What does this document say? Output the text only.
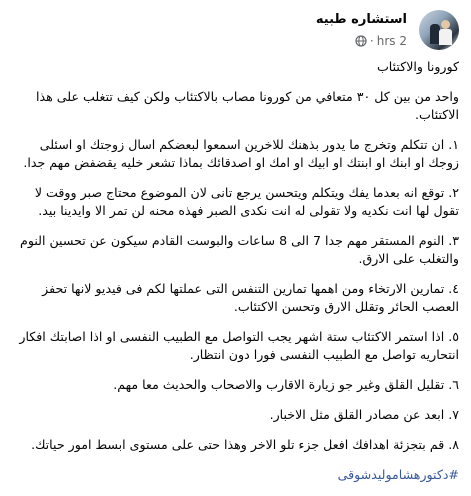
استشاره طبيه
2 hrs
·

كورونا والاكتئاب

واحد من بين كل ٣٠ متعافي من كورونا مصاب بالاكتئاب ولكن كيف تتغلب على هذا الاكتئاب.

١. ان تتكلم وتخرج ما يدور بذهنك للاخرين اسمعوا لبعضكم اسال زوجتك او اسئلى زوجك او ابنك او ابنتك او ابيك او امك او اصدقائك بماذا تشعر خليه يقضفض مهم جدا.

٢. توقع انه بعدما يفك ويتكلم ويتحسن يرجع تانى لان الموضوع محتاج صبر ووقت لا تقول لها انت نكديه ولا تقولى له انت نكدى الصبر فهذه محنه لن تمر الا وايدينا بيد.

٣. النوم المستقر مهم جدا 7 الى 8 ساعات والبوست القادم سيكون عن تحسين النوم والتغلب على الارق.

٤. تمارين الارتخاء ومن اهمها تمارين التنفس التى عملتها لكم فى فيديو لانها تحفز العصب الحائر وتقلل الارق وتحسن الاكتئاب.

٥. اذا استمر الاكتئاب ستة اشهر يجب التواصل مع الطبيب النفسى او اذا اصابتك افكار انتحاريه تواصل مع الطبيب النفسى فورا دون انتظار.

٦. تقليل القلق وغير جو زيارة الاقارب والاصحاب والحديث معا مهم.

٧. ابعد عن مصادر القلق مثل الاخبار.

٨. قم بتجزئة اهدافك افعل جزء تلو الاخر وهذا حتى على مستوى ابسط امور حياتك.

#دكتورهشاموليدشوقى
